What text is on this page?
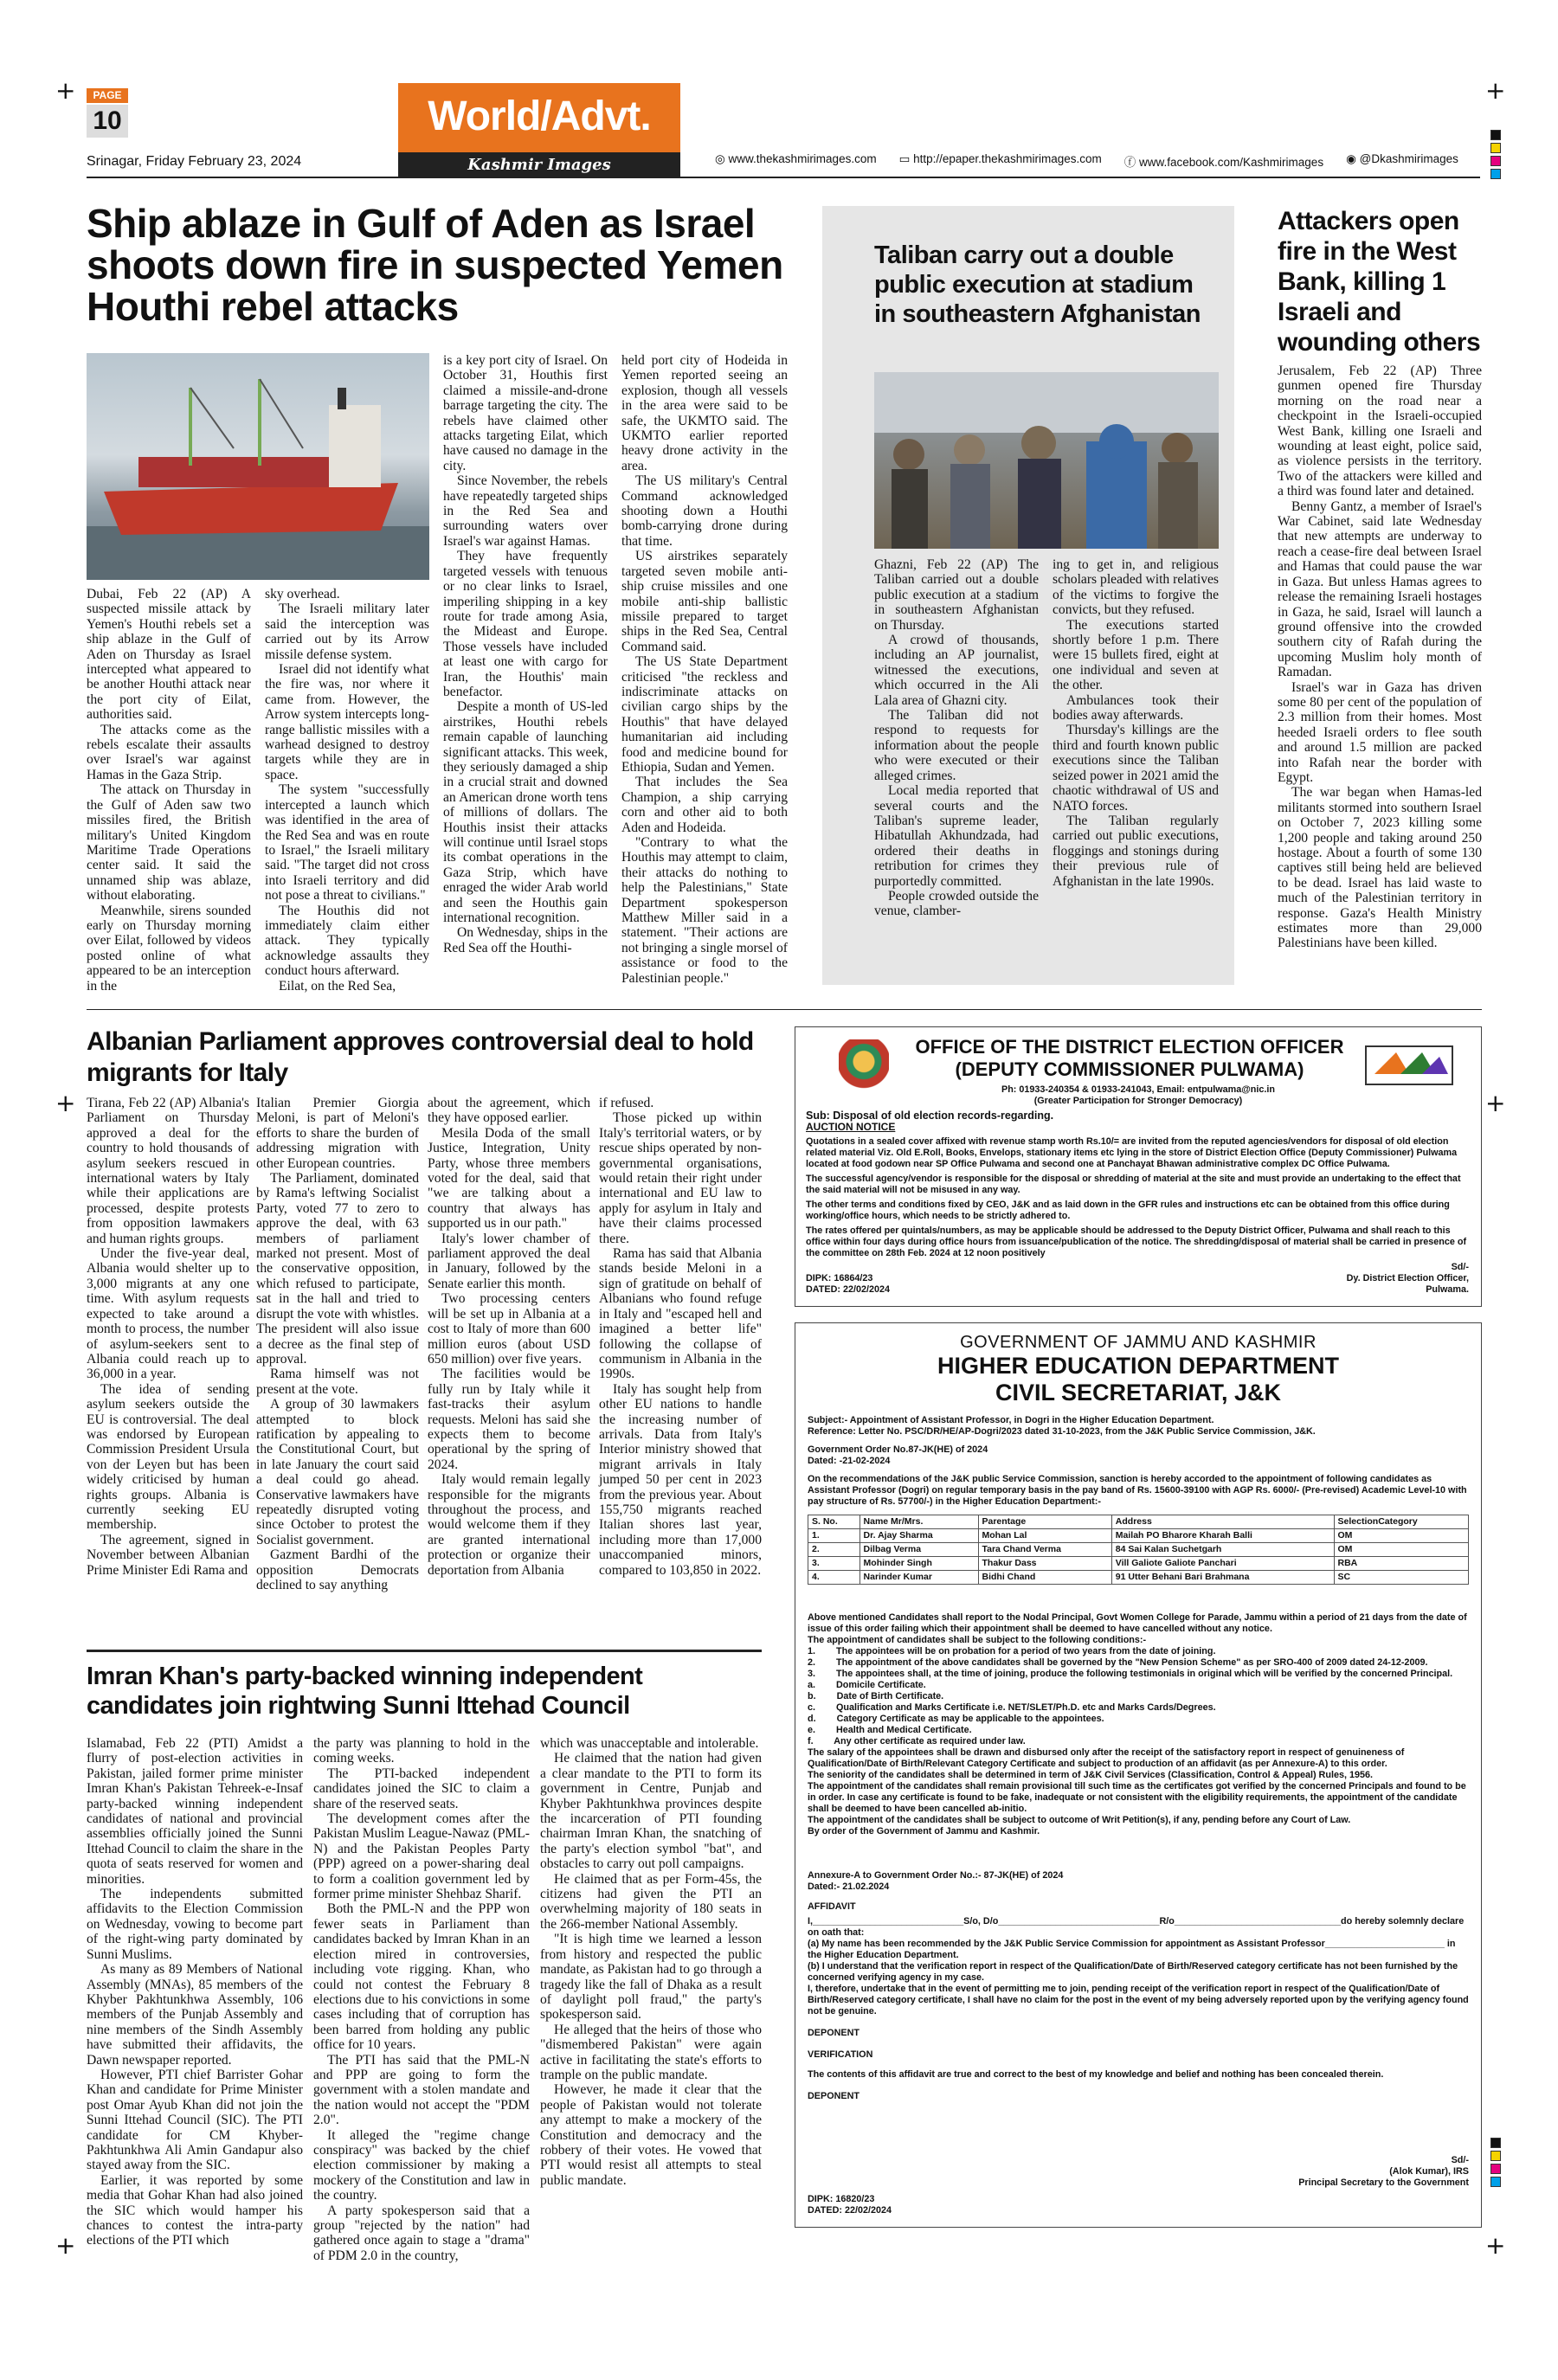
+	+
+	+
+	+
PAGE
10
Srinagar, Friday February 23, 2024
World/Advt.
Kashmir Images	◎ www.thekashmirimages.com ▭ http://epaper.thekashmirimages.com ⓕ www.facebook.com/Kashmirimages ◉ @Dkashmirimages
Ship ablaze in Gulf of Aden as Israel shoots down fire in suspected Yemen Houthi rebel attacks

Dubai, Feb 22 (AP) A suspected missile attack by Yemen's Houthi rebels set a ship ablaze in the Gulf of Aden on Thursday as Israel intercepted what appeared to be another Houthi attack near the port city of Eilat, authorities said.

The attacks come as the rebels escalate their assaults over Israel's war against Hamas in the Gaza Strip.

The attack on Thursday in the Gulf of Aden saw two missiles fired, the British military's United Kingdom Maritime Trade Operations center said. It said the unnamed ship was ablaze, without elaborating.

Meanwhile, sirens sounded early on Thursday morning over Eilat, followed by videos posted online of what appeared to be an interception in the

sky overhead.

The Israeli military later said the interception was carried out by its Arrow missile defense system.

Israel did not identify what the fire was, nor where it came from. However, the Arrow system intercepts long-range ballistic missiles with a warhead designed to destroy targets while they are in space.

The system "successfully intercepted a launch which was identified in the area of the Red Sea and was en route to Israel," the Israeli military said. "The target did not cross into Israeli territory and did not pose a threat to civilians."

The Houthis did not immediately claim either attack. They typically acknowledge assaults they conduct hours afterward.

Eilat, on the Red Sea,

is a key port city of Israel. On October 31, Houthis first claimed a missile-and-drone barrage targeting the city. The rebels have claimed other attacks targeting Eilat, which have caused no damage in the city.

Since November, the rebels have repeatedly targeted ships in the Red Sea and surrounding waters over Israel's war against Hamas.

They have frequently targeted vessels with tenuous or no clear links to Israel, imperiling shipping in a key route for trade among Asia, the Mideast and Europe. Those vessels have included at least one with cargo for Iran, the Houthis' main benefactor.

Despite a month of US-led airstrikes, Houthi rebels remain capable of launching significant attacks. This week, they seriously damaged a ship in a crucial strait and downed an American drone worth tens of millions of dollars. The Houthis insist their attacks will continue until Israel stops its combat operations in the Gaza Strip, which have enraged the wider Arab world and seen the Houthis gain international recognition.

On Wednesday, ships in the Red Sea off the Houthi-

held port city of Hodeida in Yemen reported seeing an explosion, though all vessels in the area were said to be safe, the UKMTO said. The UKMTO earlier reported heavy drone activity in the area.

The US military's Central Command acknowledged shooting down a Houthi bomb-carrying drone during that time.

US airstrikes separately targeted seven mobile anti-ship cruise missiles and one mobile anti-ship ballistic missile prepared to target ships in the Red Sea, Central Command said.

The US State Department criticised "the reckless and indiscriminate attacks on civilian cargo ships by the Houthis" that have delayed humanitarian aid including food and medicine bound for Ethiopia, Sudan and Yemen.

That includes the Sea Champion, a ship carrying corn and other aid to both Aden and Hodeida.

"Contrary to what the Houthis may attempt to claim, their attacks do nothing to help the Palestinians," State Department spokesperson Matthew Miller said in a statement. "Their actions are not bringing a single morsel of assistance or food to the Palestinian people."

Taliban carry out a double public execution at stadium in southeastern Afghanistan

Ghazni, Feb 22 (AP) The Taliban carried out a double public execution at a stadium in southeastern Afghanistan on Thursday.

A crowd of thousands, including an AP journalist, witnessed the executions, which occurred in the Ali Lala area of Ghazni city.

The Taliban did not respond to requests for information about the people who were executed or their alleged crimes.

Local media reported that several courts and the Taliban's supreme leader, Hibatullah Akhundzada, had ordered their deaths in retribution for crimes they purportedly committed.

People crowded outside the venue, clamber-

ing to get in, and religious scholars pleaded with relatives of the victims to forgive the convicts, but they refused.

The executions started shortly before 1 p.m. There were 15 bullets fired, eight at one individual and seven at the other.

Ambulances took their bodies away afterwards.

Thursday's killings are the third and fourth known public executions since the Taliban seized power in 2021 amid the chaotic withdrawal of US and NATO forces.

The Taliban regularly carried out public executions, floggings and stonings during their previous rule of Afghanistan in the late 1990s.

Attackers open fire in the West Bank, killing 1 Israeli and wounding others

Jerusalem, Feb 22 (AP) Three gunmen opened fire Thursday morning on the road near a checkpoint in the Israeli-occupied West Bank, killing one Israeli and wounding at least eight, police said, as violence persists in the territory. Two of the attackers were killed and a third was found later and detained.

Benny Gantz, a member of Israel's War Cabinet, said late Wednesday that new attempts are underway to reach a cease-fire deal between Israel and Hamas that could pause the war in Gaza. But unless Hamas agrees to release the remaining Israeli hostages in Gaza, he said, Israel will launch a ground offensive into the crowded southern city of Rafah during the upcoming Muslim holy month of Ramadan.

Israel's war in Gaza has driven some 80 per cent of the population of 2.3 million from their homes. Most heeded Israeli orders to flee south and around 1.5 million are packed into Rafah near the border with Egypt.

The war began when Hamas-led militants stormed into southern Israel on October 7, 2023 killing some 1,200 people and taking around 250 hostage. About a fourth of some 130 captives still being held are believed to be dead. Israel has laid waste to much of the Palestinian territory in response. Gaza's Health Ministry estimates more than 29,000 Palestinians have been killed.

Albanian Parliament approves controversial deal to hold migrants for Italy

Tirana, Feb 22 (AP) Albania's Parliament on Thursday approved a deal for the country to hold thousands of asylum seekers rescued in international waters by Italy while their applications are processed, despite protests from opposition lawmakers and human rights groups.

Under the five-year deal, Albania would shelter up to 3,000 migrants at any one time. With asylum requests expected to take around a month to process, the number of asylum-seekers sent to Albania could reach up to 36,000 in a year.

The idea of sending asylum seekers outside the EU is controversial. The deal was endorsed by European Commission President Ursula von der Leyen but has been widely criticised by human rights groups. Albania is currently seeking EU membership.

The agreement, signed in November between Albanian Prime Minister Edi Rama and

Italian Premier Giorgia Meloni, is part of Meloni's efforts to share the burden of addressing migration with other European countries.

The Parliament, dominated by Rama's leftwing Socialist Party, voted 77 to zero to approve the deal, with 63 members of parliament marked not present. Most of the conservative opposition, which refused to participate, sat in the hall and tried to disrupt the vote with whistles. The president will also issue a decree as the final step of approval.

Rama himself was not present at the vote.

A group of 30 lawmakers attempted to block ratification by appealing to the Constitutional Court, but in late January the court said a deal could go ahead. Conservative lawmakers have repeatedly disrupted voting since October to protest the Socialist government.

Gazment Bardhi of the opposition Democrats declined to say anything

about the agreement, which they have opposed earlier.

Mesila Doda of the small Justice, Integration, Unity Party, whose three members voted for the deal, said that "we are talking about a country that always has supported us in our path."

Italy's lower chamber of parliament approved the deal in January, followed by the Senate earlier this month.

Two processing centers will be set up in Albania at a cost to Italy of more than 600 million euros (about USD 650 million) over five years.

The facilities would be fully run by Italy while it fast-tracks their asylum requests. Meloni has said she expects them to become operational by the spring of 2024.

Italy would remain legally responsible for the migrants throughout the process, and would welcome them if they are granted international protection or organize their deportation from Albania

if refused.

Those picked up within Italy's territorial waters, or by rescue ships operated by non-governmental organisations, would retain their right under international and EU law to apply for asylum in Italy and have their claims processed there.

Rama has said that Albania stands beside Meloni in a sign of gratitude on behalf of Albanians who found refuge in Italy and "escaped hell and imagined a better life" following the collapse of communism in Albania in the 1990s.

Italy has sought help from other EU nations to handle the increasing number of arrivals. Data from Italy's Interior ministry showed that migrant arrivals in Italy jumped 50 per cent in 2023 from the previous year. About 155,750 migrants reached Italian shores last year, including more than 17,000 unaccompanied minors, compared to 103,850 in 2022.

Imran Khan's party-backed winning independent candidates join rightwing Sunni Ittehad Council

Islamabad, Feb 22 (PTI) Amidst a flurry of post-election activities in Pakistan, jailed former prime minister Imran Khan's Pakistan Tehreek-e-Insaf party-backed winning independent candidates of national and provincial assemblies officially joined the Sunni Ittehad Council to claim the share in the quota of seats reserved for women and minorities.

The independents submitted affidavits to the Election Commission on Wednesday, vowing to become part of the right-wing party dominated by Sunni Muslims.

As many as 89 Members of National Assembly (MNAs), 85 members of the Khyber Pakhtunkhwa Assembly, 106 members of the Punjab Assembly and nine members of the Sindh Assembly have submitted their affidavits, the Dawn newspaper reported.

However, PTI chief Barrister Gohar Khan and candidate for Prime Minister post Omar Ayub Khan did not join the Sunni Ittehad Council (SIC). The PTI candidate for CM Khyber-Pakhtunkhwa Ali Amin Gandapur also stayed away from the SIC.

Earlier, it was reported by some media that Gohar Khan had also joined the SIC which would hamper his chances to contest the intra-party elections of the PTI which

the party was planning to hold in the coming weeks.

The PTI-backed independent candidates joined the SIC to claim a share of the reserved seats.

The development comes after the Pakistan Muslim League-Nawaz (PML-N) and the Pakistan Peoples Party (PPP) agreed on a power-sharing deal to form a coalition government led by former prime minister Shehbaz Sharif.

Both the PML-N and the PPP won fewer seats in Parliament than candidates backed by Imran Khan in an election mired in controversies, including vote rigging. Khan, who could not contest the February 8 elections due to his convictions in some cases including that of corruption has been barred from holding any public office for 10 years.

The PTI has said that the PML-N and PPP are going to form the government with a stolen mandate and the nation would not accept the "PDM 2.0".

It alleged the "regime change conspiracy" was backed by the chief election commissioner by making a mockery of the Constitution and law in the country.

A party spokesperson said that a group "rejected by the nation" had gathered once again to stage a "drama" of PDM 2.0 in the country,

which was unacceptable and intolerable.

He claimed that the nation had given a clear mandate to the PTI to form its government in Centre, Punjab and Khyber Pakhtunkhwa provinces despite the incarceration of PTI founding chairman Imran Khan, the snatching of the party's election symbol "bat", and obstacles to carry out poll campaigns.

He claimed that as per Form-45s, the citizens had given the PTI an overwhelming majority of 180 seats in the 266-member National Assembly.

"It is high time we learned a lesson from history and respected the public mandate, as Pakistan had to go through a tragedy like the fall of Dhaka as a result of daylight poll fraud," the party's spokesperson said.

He alleged that the heirs of those who "dismembered Pakistan" were again active in facilitating the state's efforts to trample on the public mandate.

However, he made it clear that the people of Pakistan would not tolerate any attempt to make a mockery of the Constitution and democracy and the robbery of their votes. He vowed that PTI would resist all attempts to steal public mandate.

OFFICE OF THE DISTRICT ELECTION OFFICER
(DEPUTY COMMISSIONER PULWAMA)
Ph: 01933-240354 & 01933-241043, Email: entpulwama@nic.in
(Greater Participation for Stronger Democracy)
Sub: Disposal of old election records-regarding.
AUCTION NOTICE
Quotations in a sealed cover affixed with revenue stamp worth Rs.10/= are invited from the reputed agencies/vendors for disposal of old election related material Viz. Old E.Roll, Books, Envelops, stationary items etc lying in the store of District Election Office (Deputy Commissioner) Pulwama located at food godown near SP Office Pulwama and second one at Panchayat Bhawan administrative complex DC Office Pulwama.
The successful agency/vendor is responsible for the disposal or shredding of material at the site and must provide an undertaking to the effect that the said material will not be misused in any way.
The other terms and conditions fixed by CEO, J&K and as laid down in the GFR rules and instructions etc can be obtained from this office during working/office hours, which needs to be strictly adhered to.
The rates offered per quintals/numbers, as may be applicable should be addressed to the Deputy District Officer, Pulwama and shall reach to this office within four days during office hours from issuance/publication of the notice. The shredding/disposal of material shall be carried in presence of the committee on 28th Feb. 2024 at 12 noon positively
DIPK: 16864/23
DATED: 22/02/2024
Sd/-
Dy. District Election Officer,
Pulwama.
GOVERNMENT OF JAMMU AND KASHMIR
HIGHER EDUCATION DEPARTMENT
CIVIL SECRETARIAT, J&K
Subject:- Appointment of Assistant Professor, in Dogri in the Higher Education Department.
Reference: Letter No. PSC/DR/HE/AP-Dogri/2023 dated 31-10-2023, from the J&K Public Service Commission, J&K.
Government Order No.87-JK(HE) of 2024
Dated: -21-02-2024
On the recommendations of the J&K public Service Commission, sanction is hereby accorded to the appointment of following candidates as Assistant Professor (Dogri) on regular temporary basis in the pay band of Rs. 15600-39100 with AGP Rs. 6000/- (Pre-revised) Academic Level-10 with pay structure of Rs. 57700/-) in the Higher Education Department:-
S. No.	Name Mr/Mrs.	Parentage	Address	SelectionCategory
1.	Dr. Ajay Sharma	Mohan Lal	Mailah PO Bharore Kharah Balli	OM
2.	Dilbag Verma	Tara Chand Verma	84 Sai Kalan Suchetgarh	OM
3.	Mohinder Singh	Thakur Dass	Vill Galiote Galiote Panchari	RBA
4.	Narinder Kumar	Bidhi Chand	91 Utter Behani Bari Brahmana	SC

Above mentioned Candidates shall report to the Nodal Principal, Govt Women College for Parade, Jammu within a period of 21 days from the date of issue of this order failing which their appointment shall be deemed to have cancelled without any notice.
The appointment of candidates shall be subject to the following conditions:-
1.        The appointees will be on probation for a period of two years from the date of joining.
2.        The appointment of the above candidates shall be governed by the "New Pension Scheme" as per SRO-400 of 2009 dated 24-12-2009.
3.        The appointees shall, at the time of joining, produce the following testimonials in original which will be verified by the concerned Principal.
a.        Domicile Certificate.
b.        Date of Birth Certificate.
c.        Qualification and Marks Certificate i.e. NET/SLET/Ph.D. etc and Marks Cards/Degrees.
d.        Category Certificate as may be applicable to the appointees.
e.        Health and Medical Certificate.
f.        Any other certificate as required under law.
The salary of the appointees shall be drawn and disbursed only after the receipt of the satisfactory report in respect of genuineness of Qualification/Date of Birth/Relevant Category Certificate and subject to production of an affidavit (as per Annexure-A) to this order.
The seniority of the candidates shall be determined in term of J&K Civil Services (Classification, Control & Appeal) Rules, 1956.
The appointment of the candidates shall remain provisional till such time as the certificates got verified by the concerned Principals and found to be in order. In case any certificate is found to be fake, inadequate or not consistent with the eligibility requirements, the appointment of the candidate shall be deemed to have been cancelled ab-initio.
The appointment of the candidates shall be subject to outcome of Writ Petition(s), if any, pending before any Court of Law.
By order of the Government of Jammu and Kashmir.

Annexure-A to Government Order No.:- 87-JK(HE) of 2024
Dated:- 21.02.2024
AFFIDAVIT
I,_____________________________S/o, D/o_______________________________R/o________________________________do hereby solemnly declare on oath that:
(a) My name has been recommended by the J&K Public Service Commission for appointment as Assistant Professor_______________________ in the Higher Education Department.
(b) I understand that the verification report in respect of the Qualification/Date of Birth/Reserved category certificate has not been furnished by the concerned verifying agency in my case.
I, therefore, undertake that in the event of permitting me to join, pending receipt of the verification report in respect of the Qualification/Date of Birth/Reserved category certificate, I shall have no claim for the post in the event of my being adversely reported upon by the verifying agency found not be genuine.
DEPONENT
VERIFICATION
The contents of this affidavit are true and correct to the best of my knowledge and belief and nothing has been concealed therein.
DEPONENT
Sd/-
(Alok Kumar), IRS
Principal Secretary to the Government
DIPK: 16820/23
DATED: 22/02/2024
